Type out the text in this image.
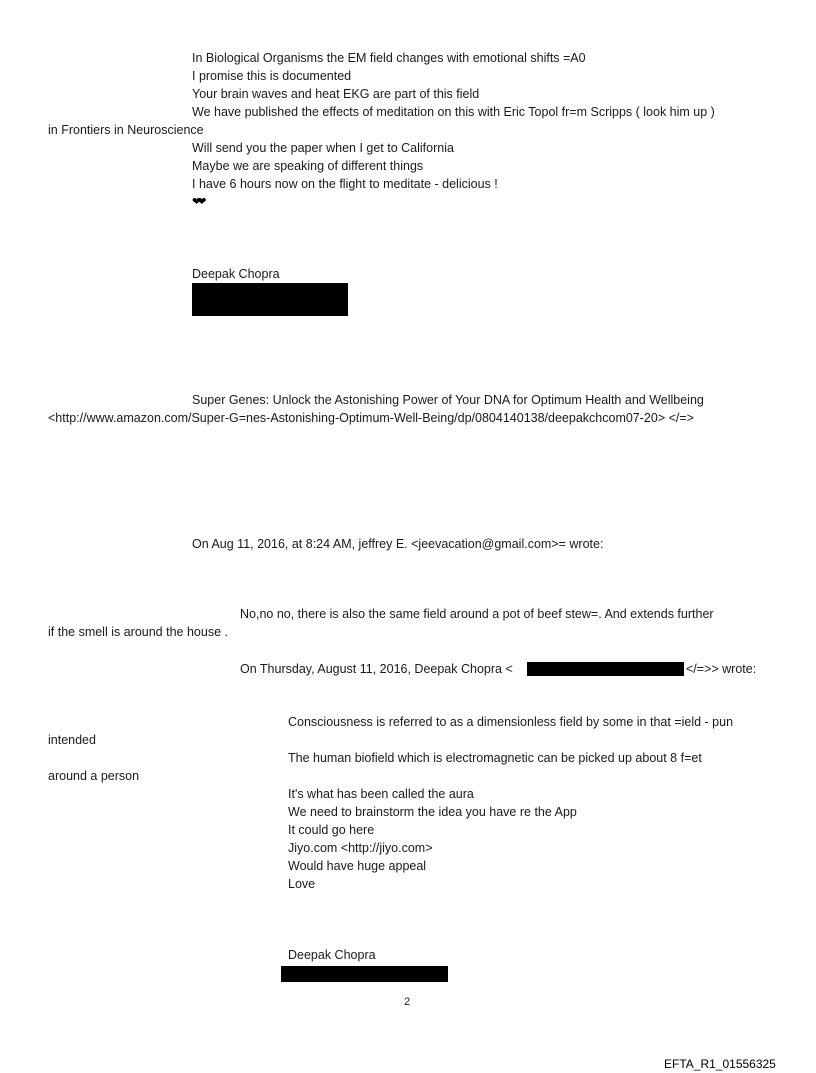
In Biological Organisms the EM field changes with emotional shifts =A0
I promise this is documented
Your brain waves and heat EKG are part of this field
We have published the effects of meditation on this with Eric Topol fr=m Scripps ( look him up )
in Frontiers in Neuroscience
Will send you the paper when I get to California
Maybe we are speaking of different things
I have 6 hours now on the flight to meditate - delicious !
❤❤
Deepak Chopra
Super Genes: Unlock the Astonishing Power of Your DNA for Optimum Health and Wellbeing
<http://www.amazon.com/Super-G=nes-Astonishing-Optimum-Well-Being/dp/0804140138/deepakchcom07-20> </=>
On Aug 11, 2016, at 8:24 AM, jeffrey E. <jeevacation@gmail.com>= wrote:
No,no no, there is also the same field around a pot of beef stew=. And extends further
if the smell is around the house .
On Thursday, August 11, 2016, Deepak Chopra <	</=>> wrote:
Consciousness is referred to as a dimensionless field by some in that =ield - pun
intended
The human biofield which is electromagnetic can be picked up about 8 f=et
around a person
It's what has been called the aura
We need to brainstorm the idea you have re the App
It could go here
Jiyo.com <http://jiyo.com>
Would have huge appeal
Love
Deepak Chopra
2
EFTA_R1_01556325
